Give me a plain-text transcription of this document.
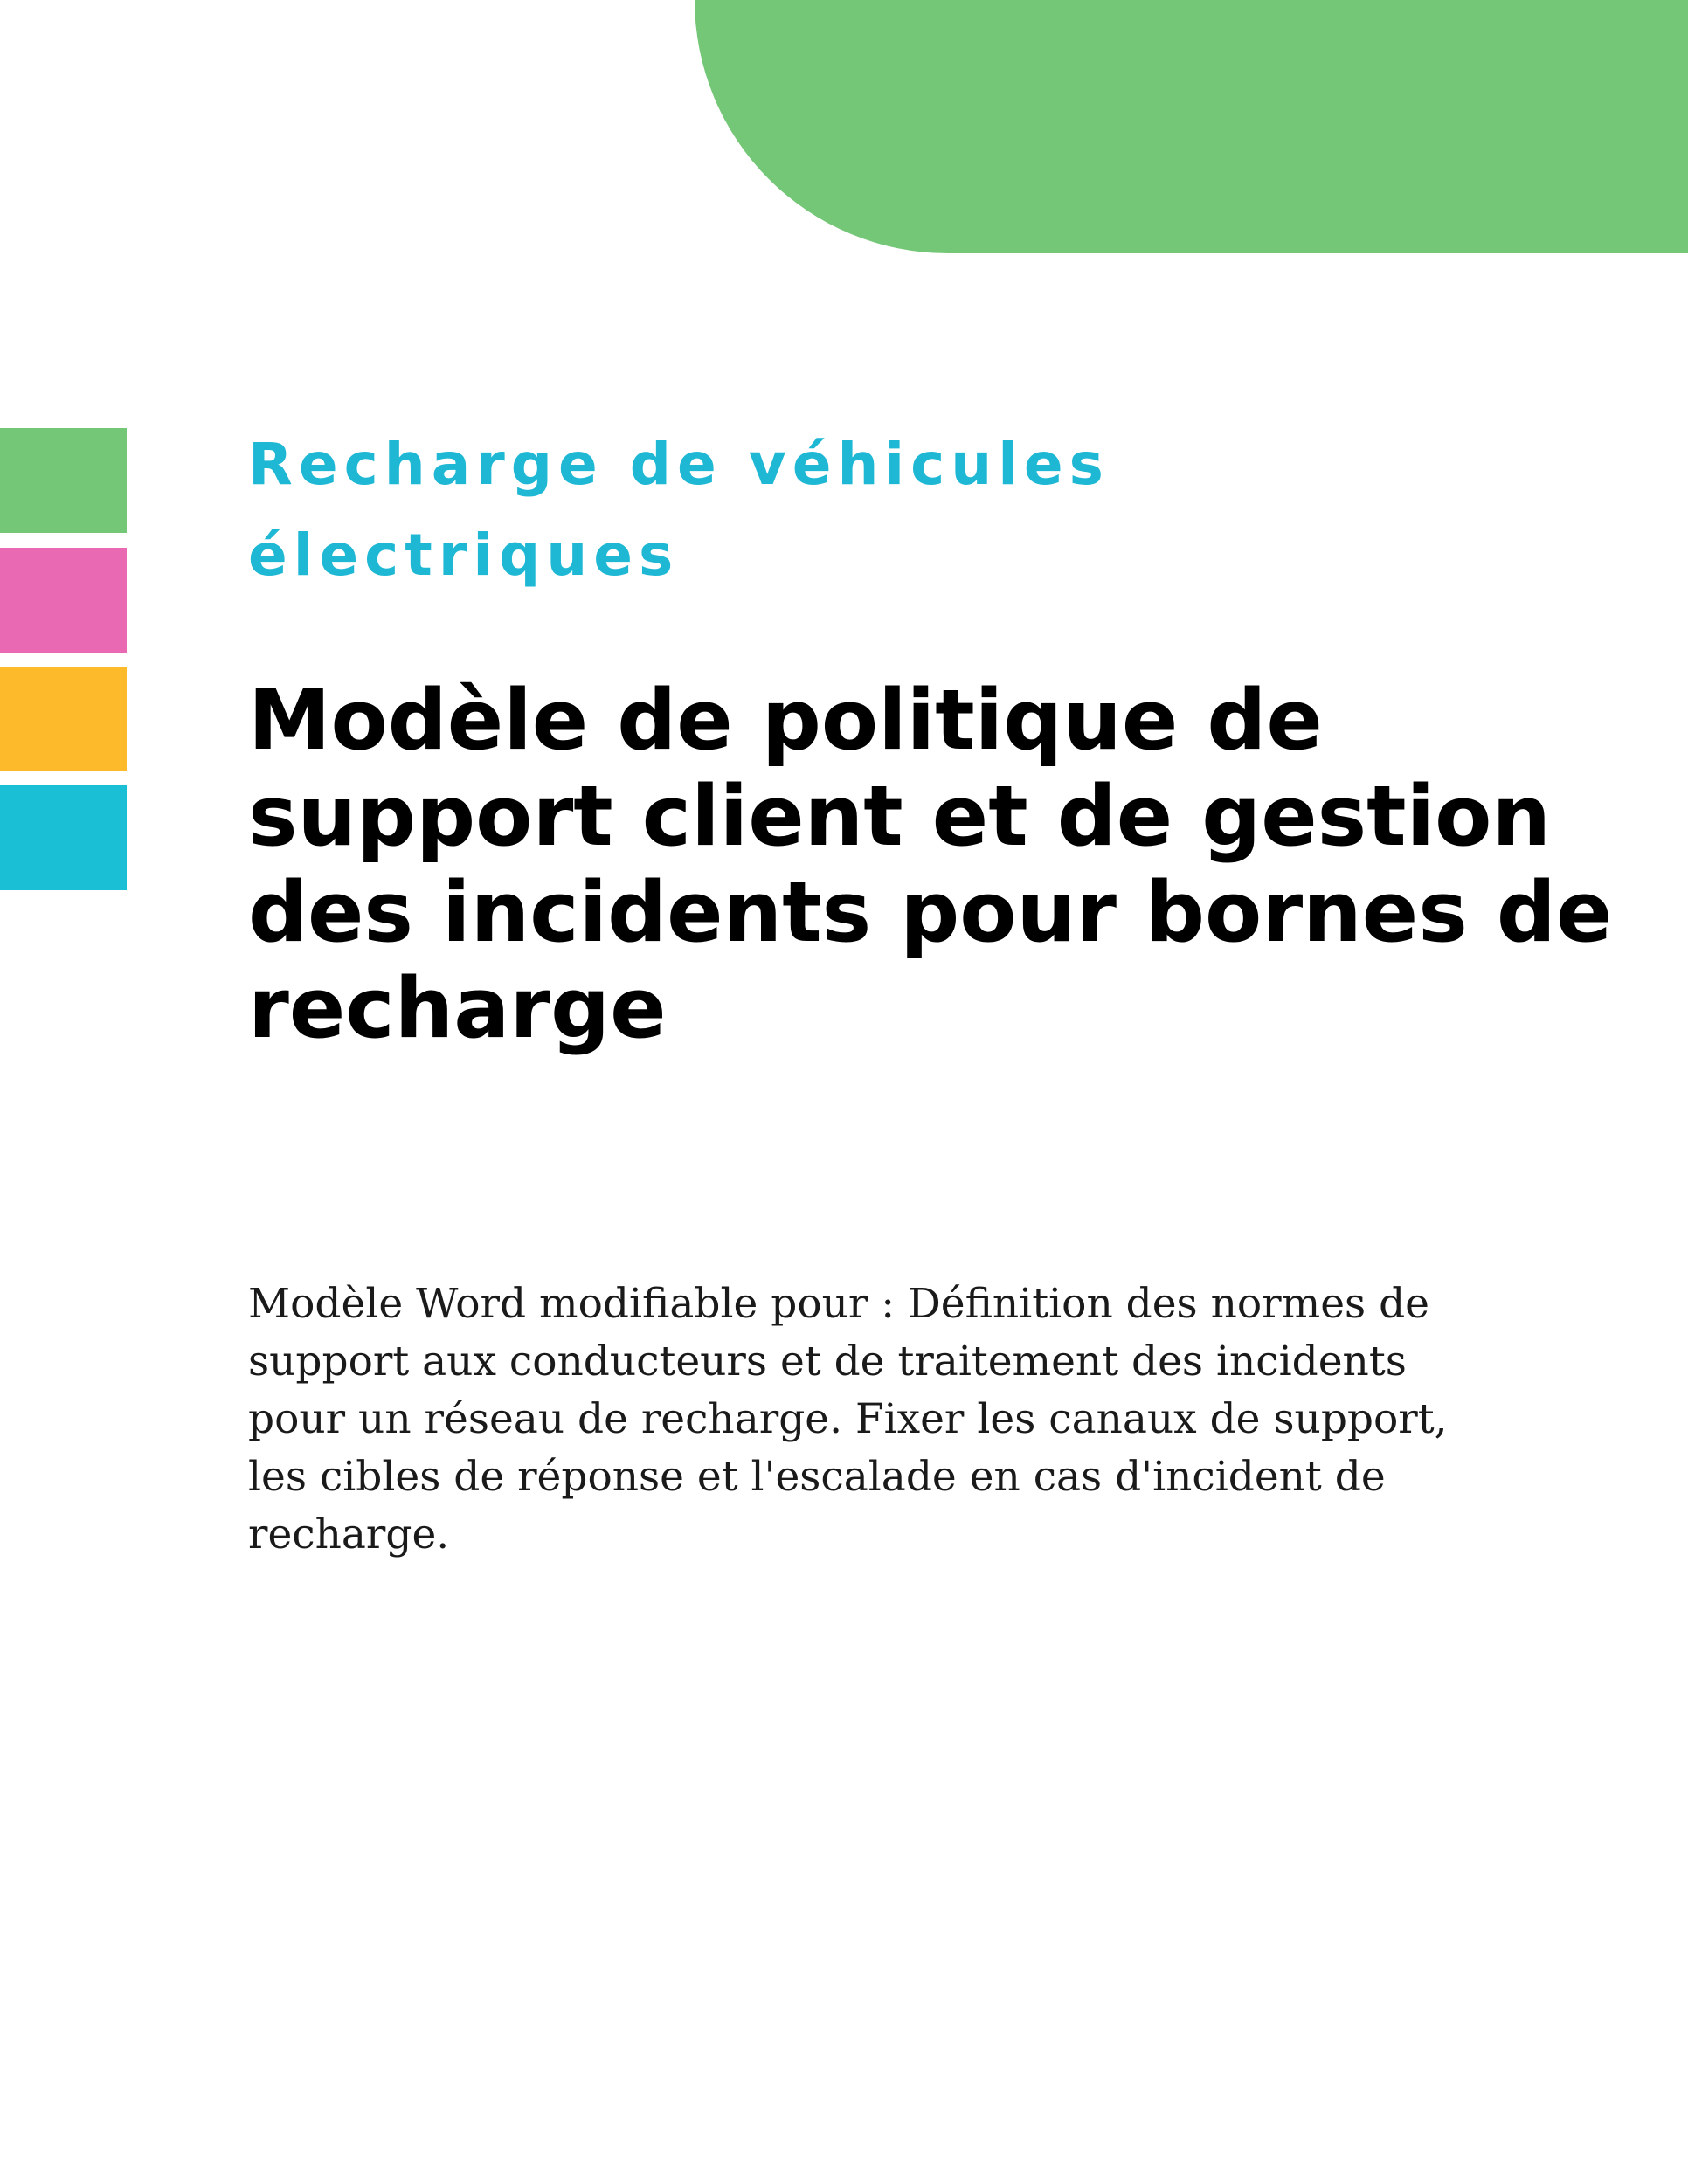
Recharge de véhicules électriques
Modèle de politique de support client et de gestion des incidents pour bornes de recharge

Modèle Word modifiable pour : Définition des normes de support aux conducteurs et de traitement des incidents pour un réseau de recharge. Fixer les canaux de support, les cibles de réponse et l'escalade en cas d'incident de recharge.
